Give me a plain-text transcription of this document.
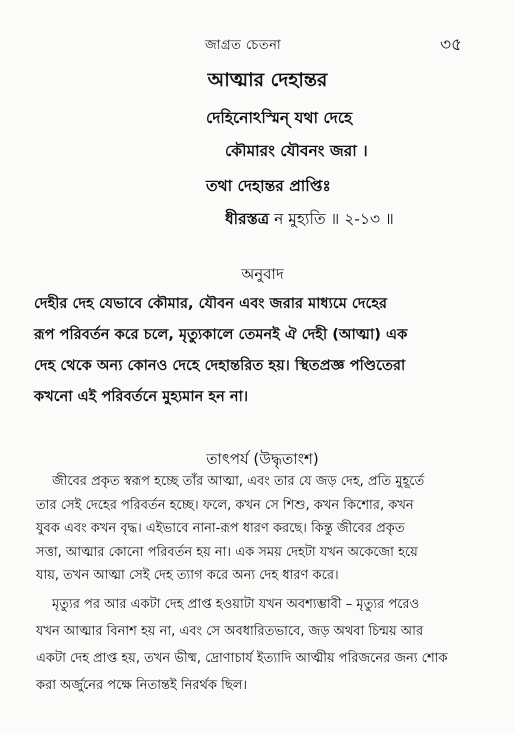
জাগ্রত চেতনা	৩৫
আত্মার দেহান্তর
দেহিনোঽস্মিন্ যথা দেহে
কৌমারং যৌবনং জরা ।
তথা দেহান্তর প্রাপ্তিঃ
ধীরস্তত্র ন মুহ্যতি ॥ ২-১৩ ॥
অনুবাদ
দেহীর দেহ যেভাবে কৌমার, যৌবন এবং জরার মাধ্যমে দেহের
রূপ পরিবর্তন করে চলে, মৃত্যুকালে তেমনই ঐ দেহী (আত্মা) এক
দেহ থেকে অন্য কোনও দেহে দেহান্তরিত হয়। স্থিতপ্রজ্ঞ পণ্ডিতেরা
কখনো এই পরিবর্তনে মুহ্যমান হন না।
তাৎপর্য (উদ্ধৃতাংশ)
জীবের প্রকৃত স্বরূপ হচ্ছে তাঁর আত্মা, এবং তার যে জড় দেহ, প্রতি মুহূর্তে
তার সেই দেহের পরিবর্তন হচ্ছে। ফলে, কখন সে শিশু, কখন কিশোর, কখন
যুবক এবং কখন বৃদ্ধ। এইভাবে নানা-রূপ ধারণ করছে। কিন্তু জীবের প্রকৃত
সত্তা, আত্মার কোনো পরিবর্তন হয় না। এক সময় দেহটা যখন অকেজো হয়ে
যায়, তখন আত্মা সেই দেহ ত্যাগ করে অন্য দেহ ধারণ করে।
মৃত্যুর পর আর একটা দেহ প্রাপ্ত হওয়াটা যখন অবশ্যম্ভাবী – মৃত্যুর পরেও
যখন আত্মার বিনাশ হয় না, এবং সে অবধারিতভাবে, জড় অথবা চিন্ময় আর
একটা দেহ প্রাপ্ত হয়, তখন ভীষ্ম, দ্রোণাচার্য ইত্যাদি আত্মীয় পরিজনের জন্য শোক
করা অর্জুনের পক্ষে নিতান্তই নিরর্থক ছিল।
